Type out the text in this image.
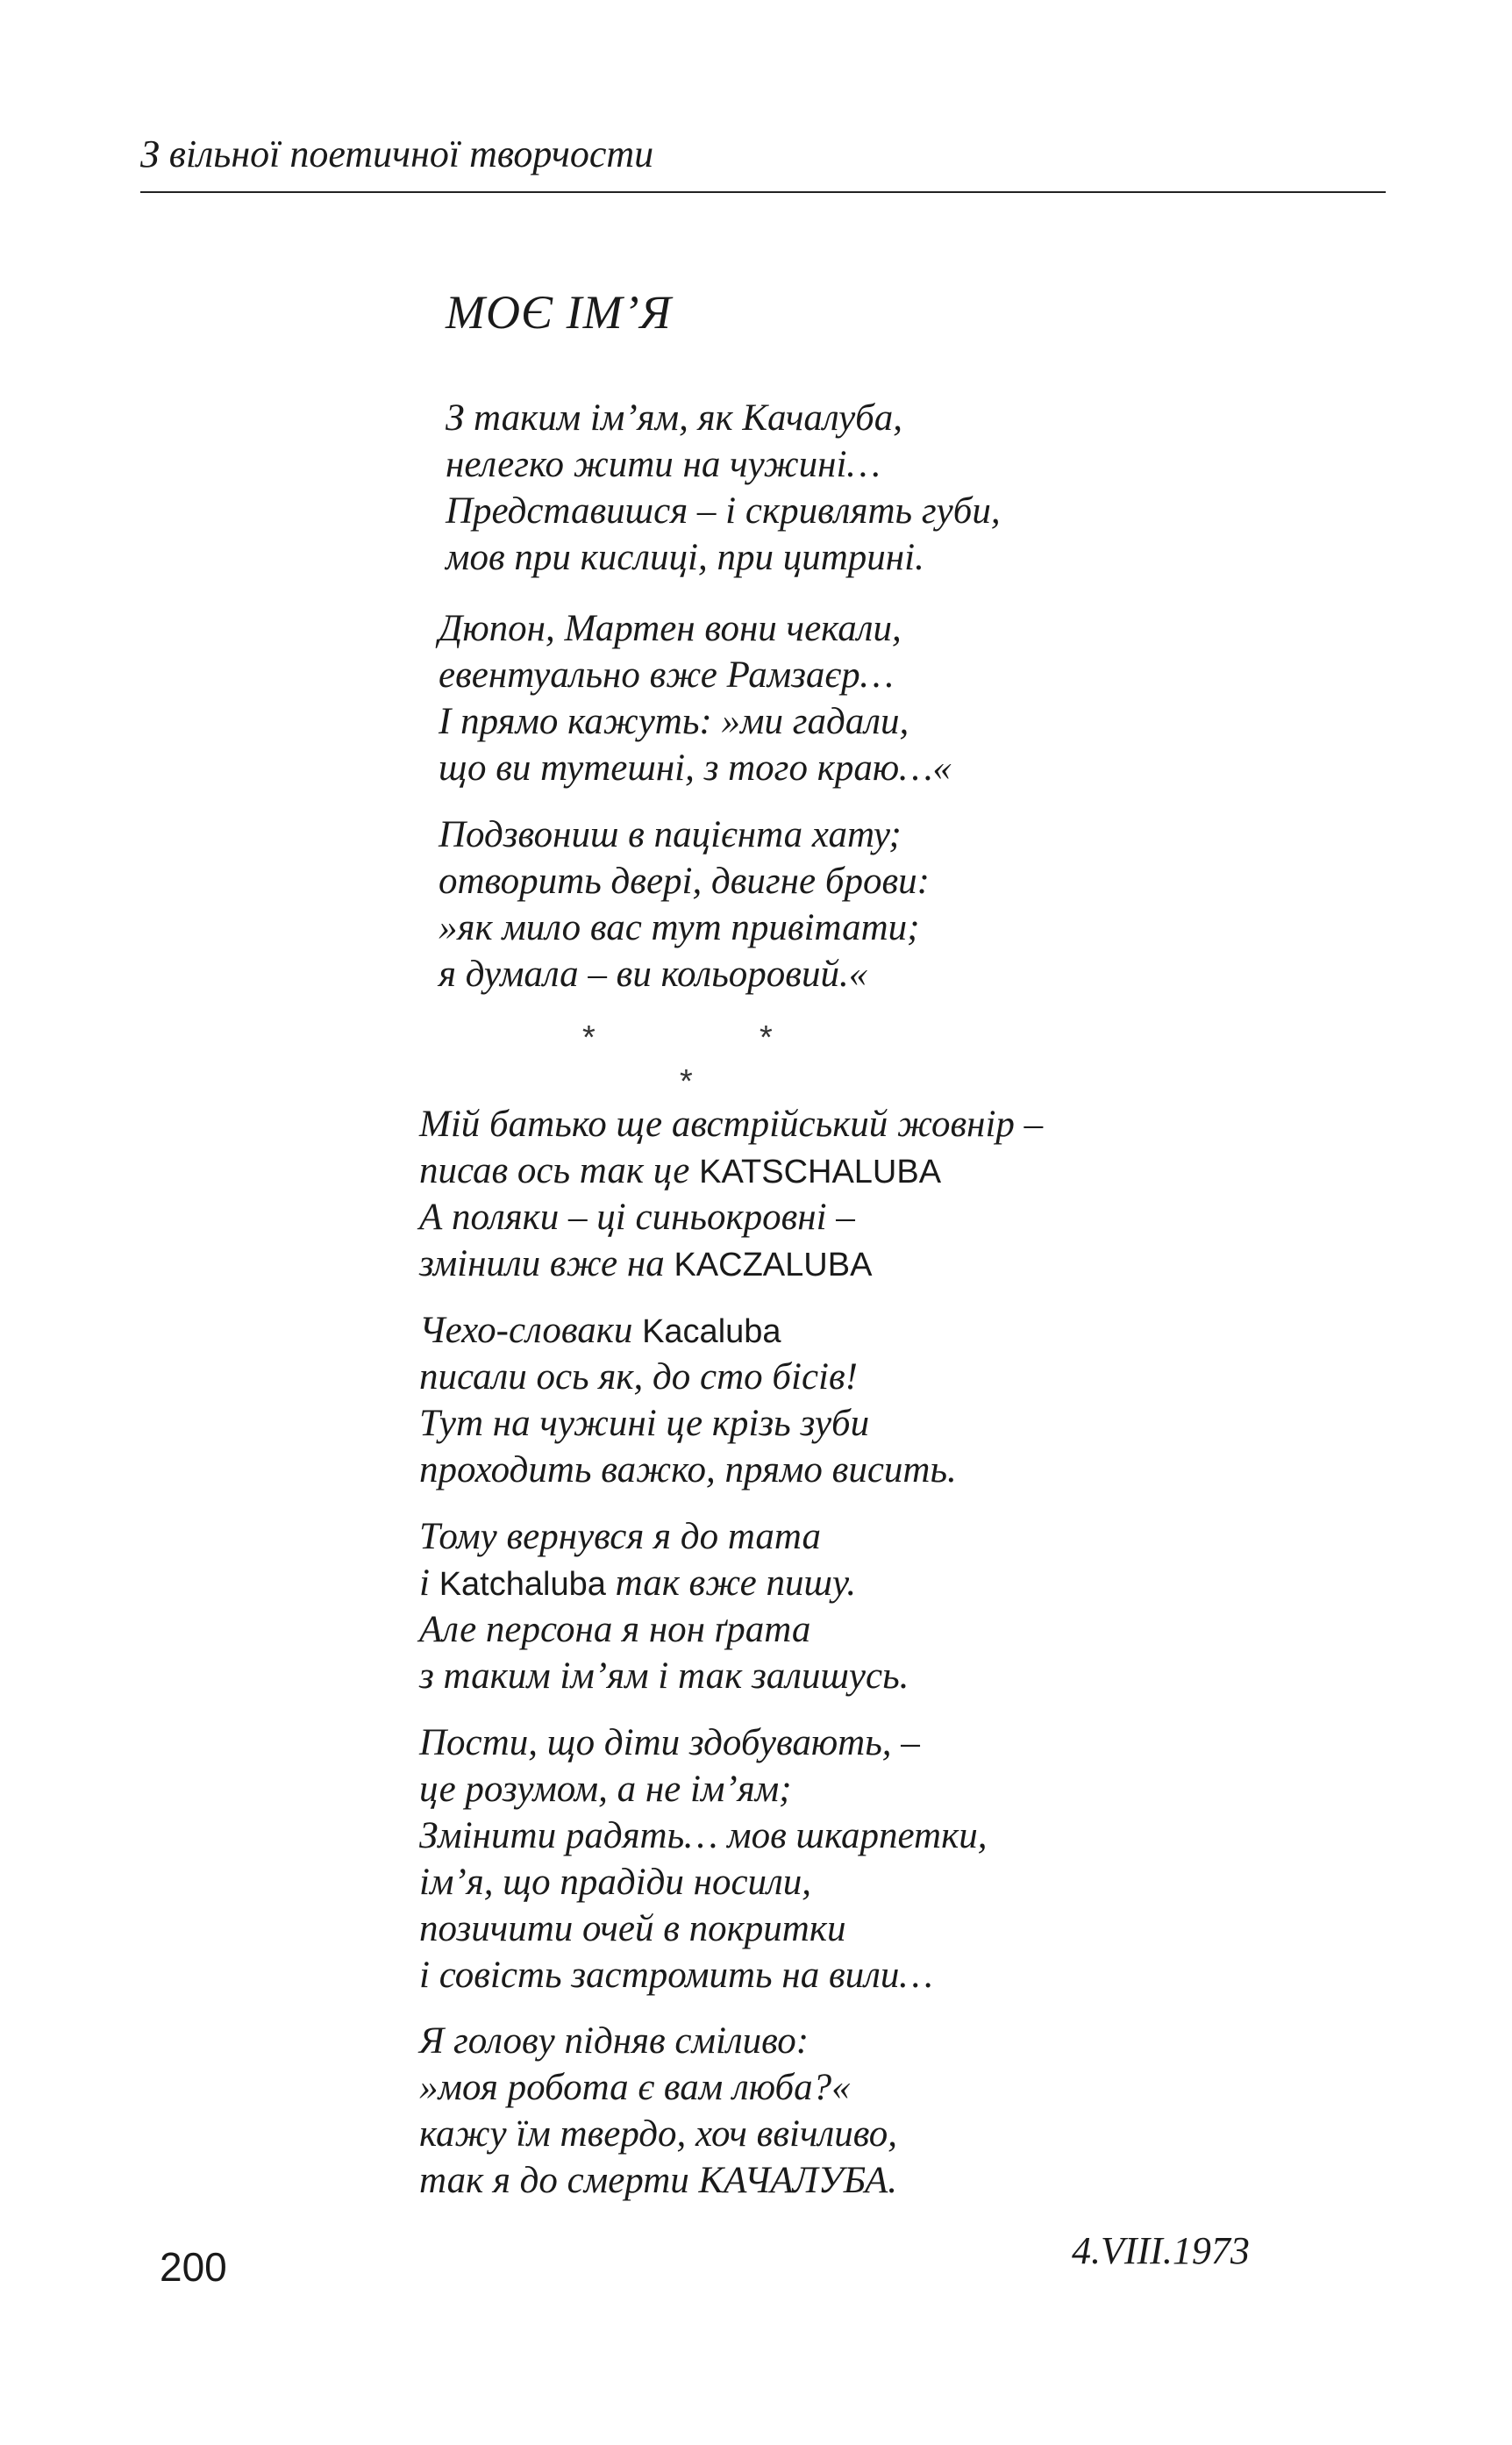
З вільної поетичної творчости
МОЄ ІМ’Я
З таким ім’ям, як Качалуба,
нелегко жити на чужині…
Представишся – і скривлять губи,
мов при кислиці, при цитрині.
Дюпон, Мартен вони чекали,
евентуально вже Рамзаєр…
І прямо кажуть: »ми гадали,
що ви тутешні, з того краю…«
Подзвониш в пацієнта хату;
отворить двері, двигне брови:
»як мило вас тут привітати;
я думала – ви кольоровий.«
*	*
*
Мій батько ще австрійський жовнір –
писав ось так це KATSCHALUBA
А поляки – ці синьокровні –
змінили вже на KACZALUBA
Чехо-словаки Kacaluba
писали ось як, до сто бісів!
Тут на чужині це крізь зуби
проходить важко, прямо висить.
Тому вернувся я до тата
і Katchaluba так вже пишу.
Але персона я нон ґрата
з таким ім’ям і так залишусь.
Пости, що діти здобувають, –
це розумом, а не ім’ям;
Змінити радять… мов шкарпетки,
ім’я, що прадіди носили,
позичити очей в покритки
і совість застромить на вили…
Я голову підняв сміливо:
»моя робота є вам люба?«
кажу їм твердо, хоч ввічливо,
так я до смерти КАЧАЛУБА.
200	4.VIII.1973
